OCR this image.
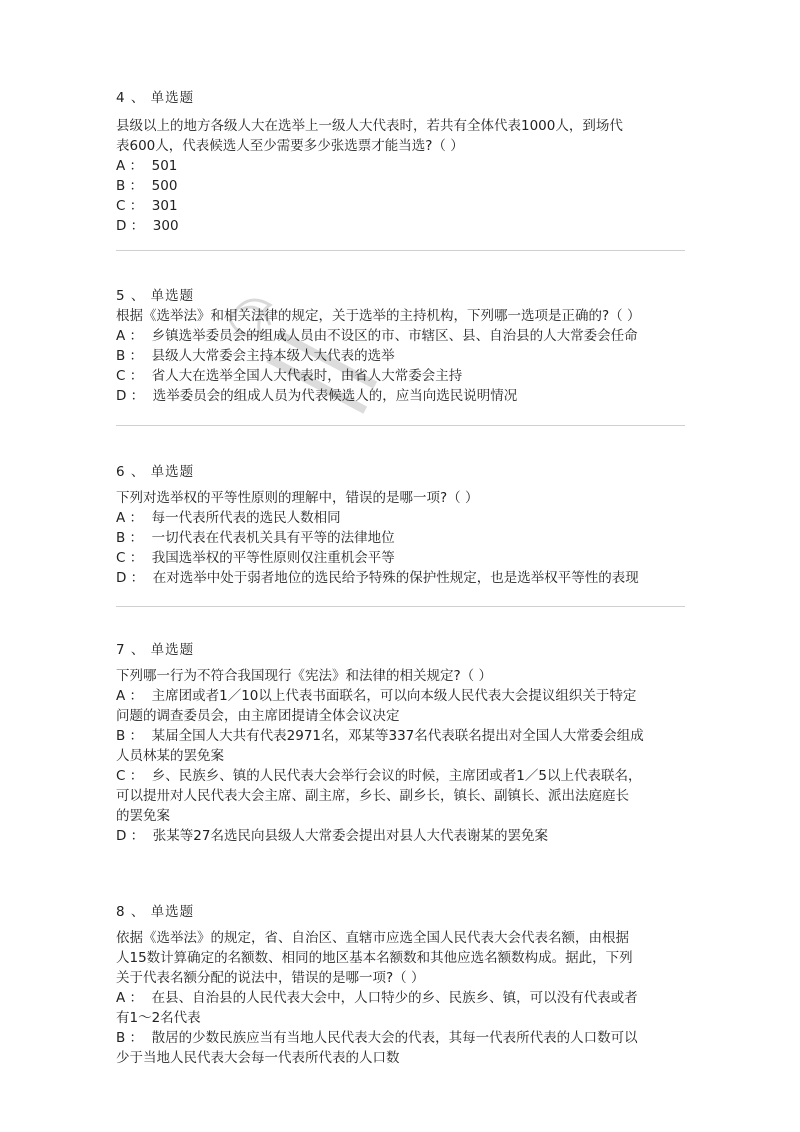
4 、 单选题
县级以上的地方各级人大在选举上一级人大代表时，若共有全体代表1000人，到场代
表600人，代表候选人至少需要多少张选票才能当选?（ ）
A ：  501
B ：  500
C ：  301
D ：  300
5 、 单选题
根据《选举法》和相关法律的规定，关于选举的主持机构，下列哪一选项是正确的?（ ）
A ：  乡镇选举委员会的组成人员由不设区的市、市辖区、县、自治县的人大常委会任命
B ：  县级人大常委会主持本级人大代表的选举
C ：  省人大在选举全国人大代表时，由省人大常委会主持
D ：  选举委员会的组成人员为代表候选人的，应当向选民说明情况
6 、 单选题
下列对选举权的平等性原则的理解中，错误的是哪一项?（ ）
A ：  每一代表所代表的选民人数相同
B ：  一切代表在代表机关具有平等的法律地位
C ：  我国选举权的平等性原则仅注重机会平等
D ：  在对选举中处于弱者地位的选民给予特殊的保护性规定，也是选举权平等性的表现
7 、 单选题
下列哪一行为不符合我国现行《宪法》和法律的相关规定?（ ）
A ：  主席团或者1／10以上代表书面联名，可以向本级人民代表大会提议组织关于特定
问题的调查委员会，由主席团提请全体会议决定
B ：  某届全国人大共有代表2971名，邓某等337名代表联名提出对全国人大常委会组成
人员林某的罢免案
C ：  乡、民族乡、镇的人民代表大会举行会议的时候，主席团或者1／5以上代表联名，
可以提卅对人民代表大会主席、副主席，乡长、副乡长，镇长、副镇长、派出法庭庭长
的罢免案
D ：  张某等27名选民向县级人大常委会提出对县人大代表谢某的罢免案
8 、 单选题
依据《选举法》的规定，省、自治区、直辖市应选全国人民代表大会代表名额，由根据
人15数计算确定的名额数、相同的地区基本名额数和其他应选名额数构成。据此，下列
关于代表名额分配的说法中，错误的是哪一项?（ ）
A ：  在县、自治县的人民代表大会中，人口特少的乡、民族乡、镇，可以没有代表或者
有1～2名代表
B ：  散居的少数民族应当有当地人民代表大会的代表，其每一代表所代表的人口数可以
少于当地人民代表大会每一代表所代表的人口数
